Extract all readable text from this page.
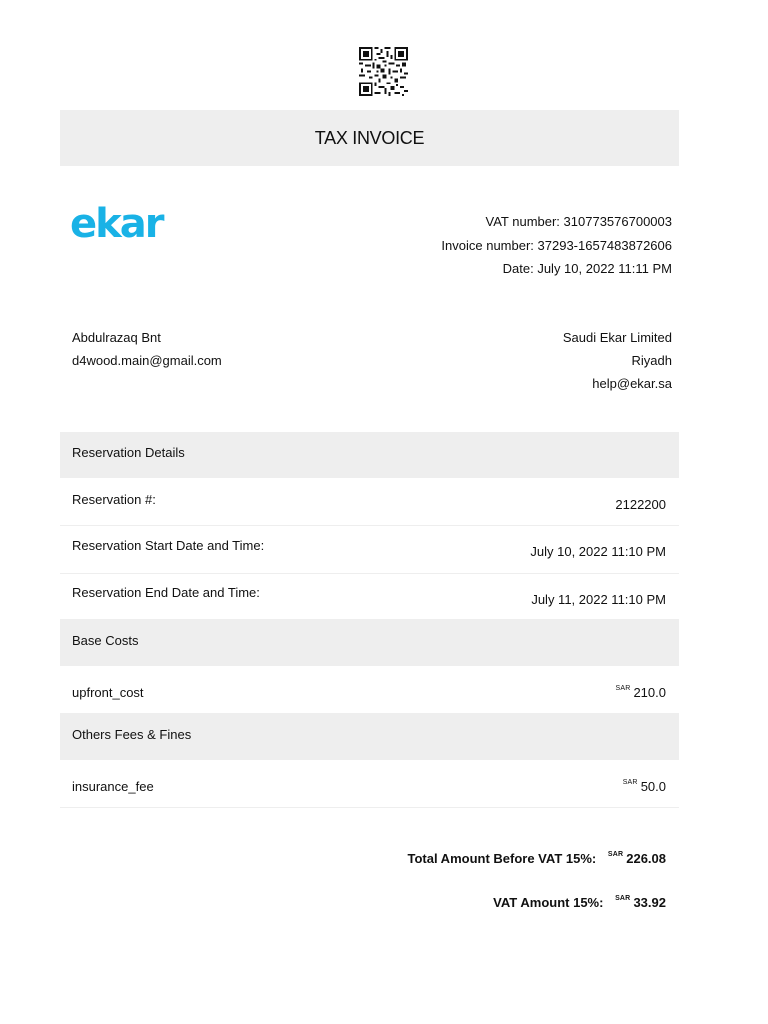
TAX INVOICE
ekar	VAT number: 310773576700003
Invoice number: 37293-1657483872606
Date: July 10, 2022 11:11 PM
Abdulrazaq Bnt
d4wood.main@gmail.com
Saudi Ekar Limited
Riyadh
help@ekar.sa
Reservation Details
Reservation #:	2122200
Reservation Start Date and Time:	July 10, 2022 11:10 PM
Reservation End Date and Time:	July 11, 2022 11:10 PM
Base Costs
upfront_cost	$^{SAR}$ 210.0
Others Fees & Fines
insurance_fee	$^{SAR}$ 50.0
Total Amount Before VAT 15%: $^{SAR}$ 226.08
VAT Amount 15%: $^{SAR}$ 33.92
